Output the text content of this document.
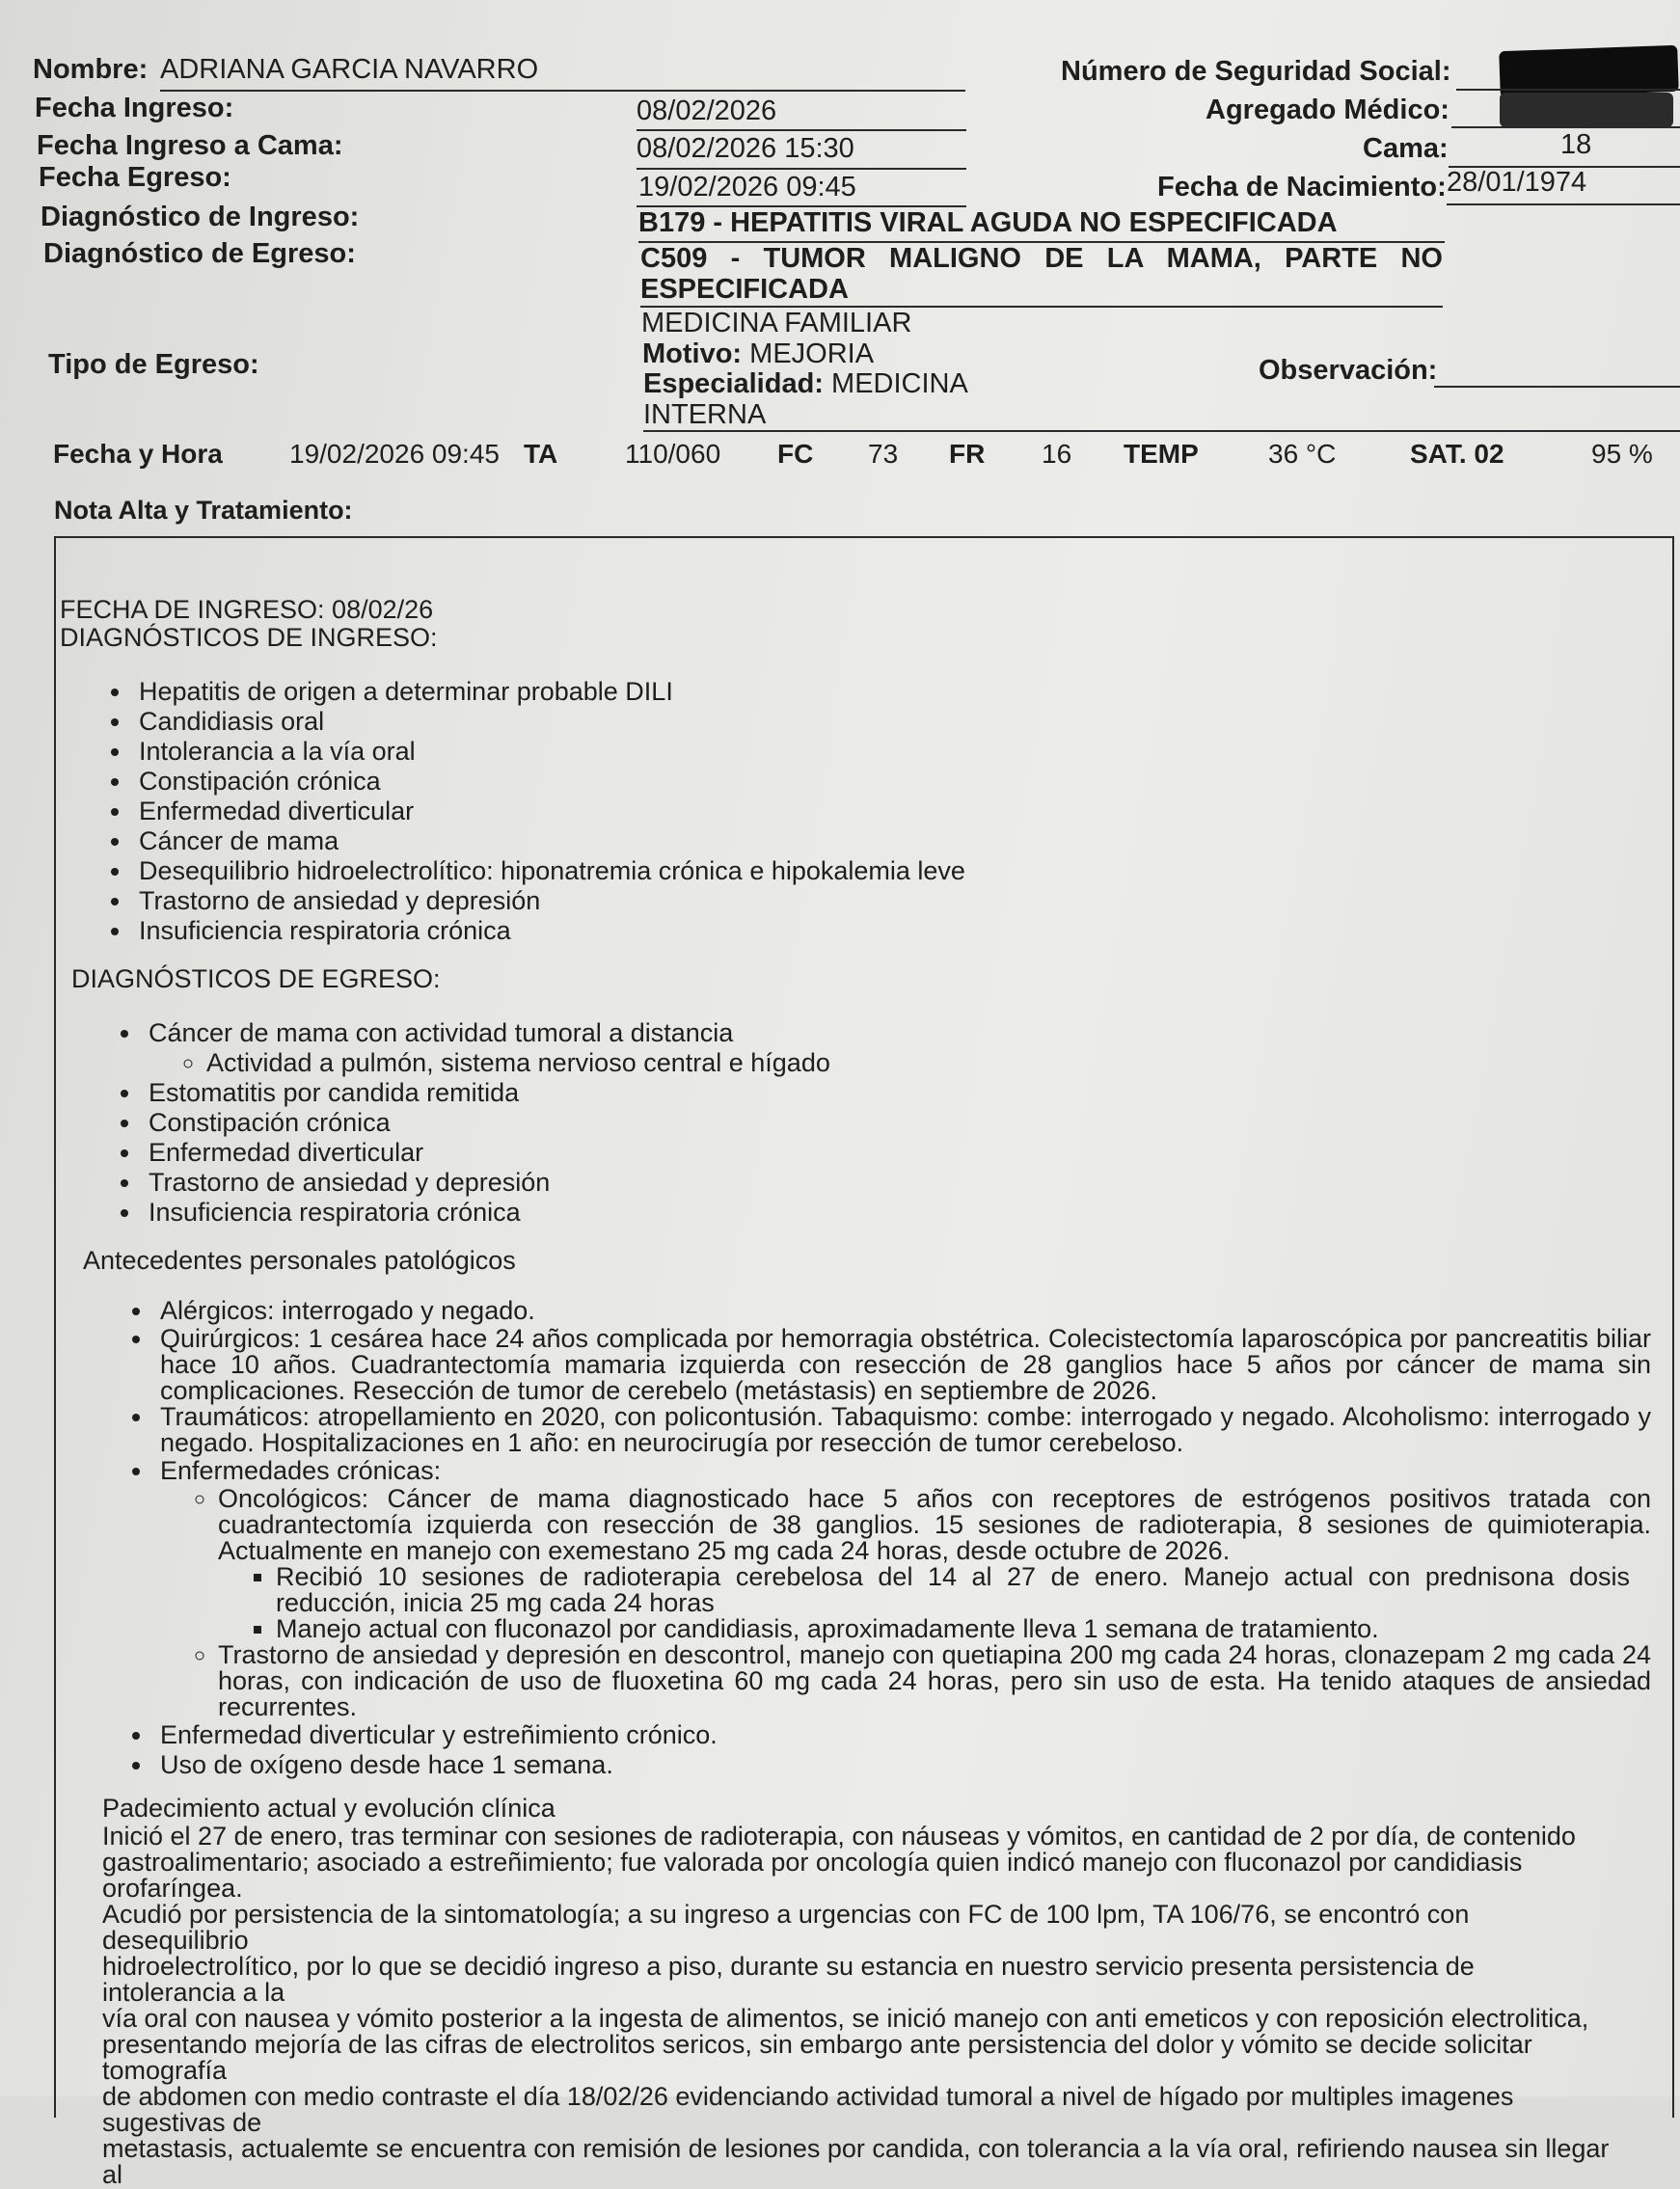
Nombre: ADRIANA GARCIA NAVARRO	Número de Seguridad Social:
Fecha Ingreso:	08/02/2026	Agregado Médico:
Fecha Ingreso a Cama:	08/02/2026 15:30	Cama:	18
Fecha Egreso:	19/02/2026 09:45	Fecha de Nacimiento: 28/01/1974
Diagnóstico de Ingreso:	B179 - HEPATITIS VIRAL AGUDA NO ESPECIFICADA
Diagnóstico de Egreso:	C509 - TUMOR MALIGNO DE LA MAMA, PARTE NO
ESPECIFICADA
MEDICINA FAMILIAR
Tipo de Egreso:	Motivo: MEJORIA
Especialidad: MEDICINA
INTERNA
Observación:
Fecha y Hora 19/02/2026 09:45 TA 110/060 FC 73 FR 16 TEMP	36 °C	SAT. 02	95 %
Nota Alta y Tratamiento:
FECHA DE INGRESO: 08/02/26
DIAGNÓSTICOS DE INGRESO:
• Hepatitis de origen a determinar probable DILI
• Candidiasis oral
• Intolerancia a la vía oral
• Constipación crónica
• Enfermedad diverticular
• Cáncer de mama
• Desequilibrio hidroelectrolítico: hiponatremia crónica e hipokalemia leve
• Trastorno de ansiedad y depresión
• Insuficiencia respiratoria crónica
DIAGNÓSTICOS DE EGRESO:
• Cáncer de mama con actividad tumoral a distancia
◦ Actividad a pulmón, sistema nervioso central e hígado
• Estomatitis por candida remitida
• Constipación crónica
• Enfermedad diverticular
• Trastorno de ansiedad y depresión
• Insuficiencia respiratoria crónica
Antecedentes personales patológicos
• Alérgicos: interrogado y negado.
• Quirúrgicos: 1 cesárea hace 24 años complicada por hemorragia obstétrica. Colecistectomía laparoscópica por pancreatitis biliar hace 10 años. Cuadrantectomía mamaria izquierda con resección de 28 ganglios hace 5 años por cáncer de mama sin complicaciones. Resección de tumor de cerebelo (metástasis) en septiembre de 2026.
• Traumáticos: atropellamiento en 2020, con policontusión. Tabaquismo: combe: interrogado y negado. Alcoholismo: interrogado y negado. Hospitalizaciones en 1 año: en neurocirugía por resección de tumor cerebeloso.
• Enfermedades crónicas:
◦ Oncológicos: Cáncer de mama diagnosticado hace 5 años con receptores de estrógenos positivos tratada con cuadrantectomía izquierda con resección de 38 ganglios. 15 sesiones de radioterapia, 8 sesiones de quimioterapia. Actualmente en manejo con exemestano 25 mg cada 24 horas, desde octubre de 2026.
▪ Recibió 10 sesiones de radioterapia cerebelosa del 14 al 27 de enero. Manejo actual con prednisona dosis reducción, inicia 25 mg cada 24 horas
▪ Manejo actual con fluconazol por candidiasis, aproximadamente lleva 1 semana de tratamiento.
◦ Trastorno de ansiedad y depresión en descontrol, manejo con quetiapina 200 mg cada 24 horas, clonazepam 2 mg cada 24 horas, con indicación de uso de fluoxetina 60 mg cada 24 horas, pero sin uso de esta. Ha tenido ataques de ansiedad recurrentes.
• Enfermedad diverticular y estreñimiento crónico.
• Uso de oxígeno desde hace 1 semana.
Padecimiento actual y evolución clínica
Inició el 27 de enero, tras terminar con sesiones de radioterapia, con náuseas y vómitos, en cantidad de 2 por día, de contenido
gastroalimentario; asociado a estreñimiento; fue valorada por oncología quien indicó manejo con fluconazol por candidiasis orofaríngea.
Acudió por persistencia de la sintomatología; a su ingreso a urgencias con FC de 100 lpm, TA 106/76, se encontró con desequilibrio
hidroelectrolítico, por lo que se decidió ingreso a piso, durante su estancia en nuestro servicio presenta persistencia de intolerancia a la
vía oral con nausea y vómito posterior a la ingesta de alimentos, se inició manejo con anti emeticos y con reposición electrolitica,
presentando mejoría de las cifras de electrolitos sericos, sin embargo ante persistencia del dolor y vómito se decide solicitar tomografía
de abdomen con medio contraste el día 18/02/26 evidenciando actividad tumoral a nivel de hígado por multiples imagenes sugestivas de
metastasis, actualemte se encuentra con remisión de lesiones por candida, con tolerancia a la vía oral, refiriendo nausea sin llegar al
